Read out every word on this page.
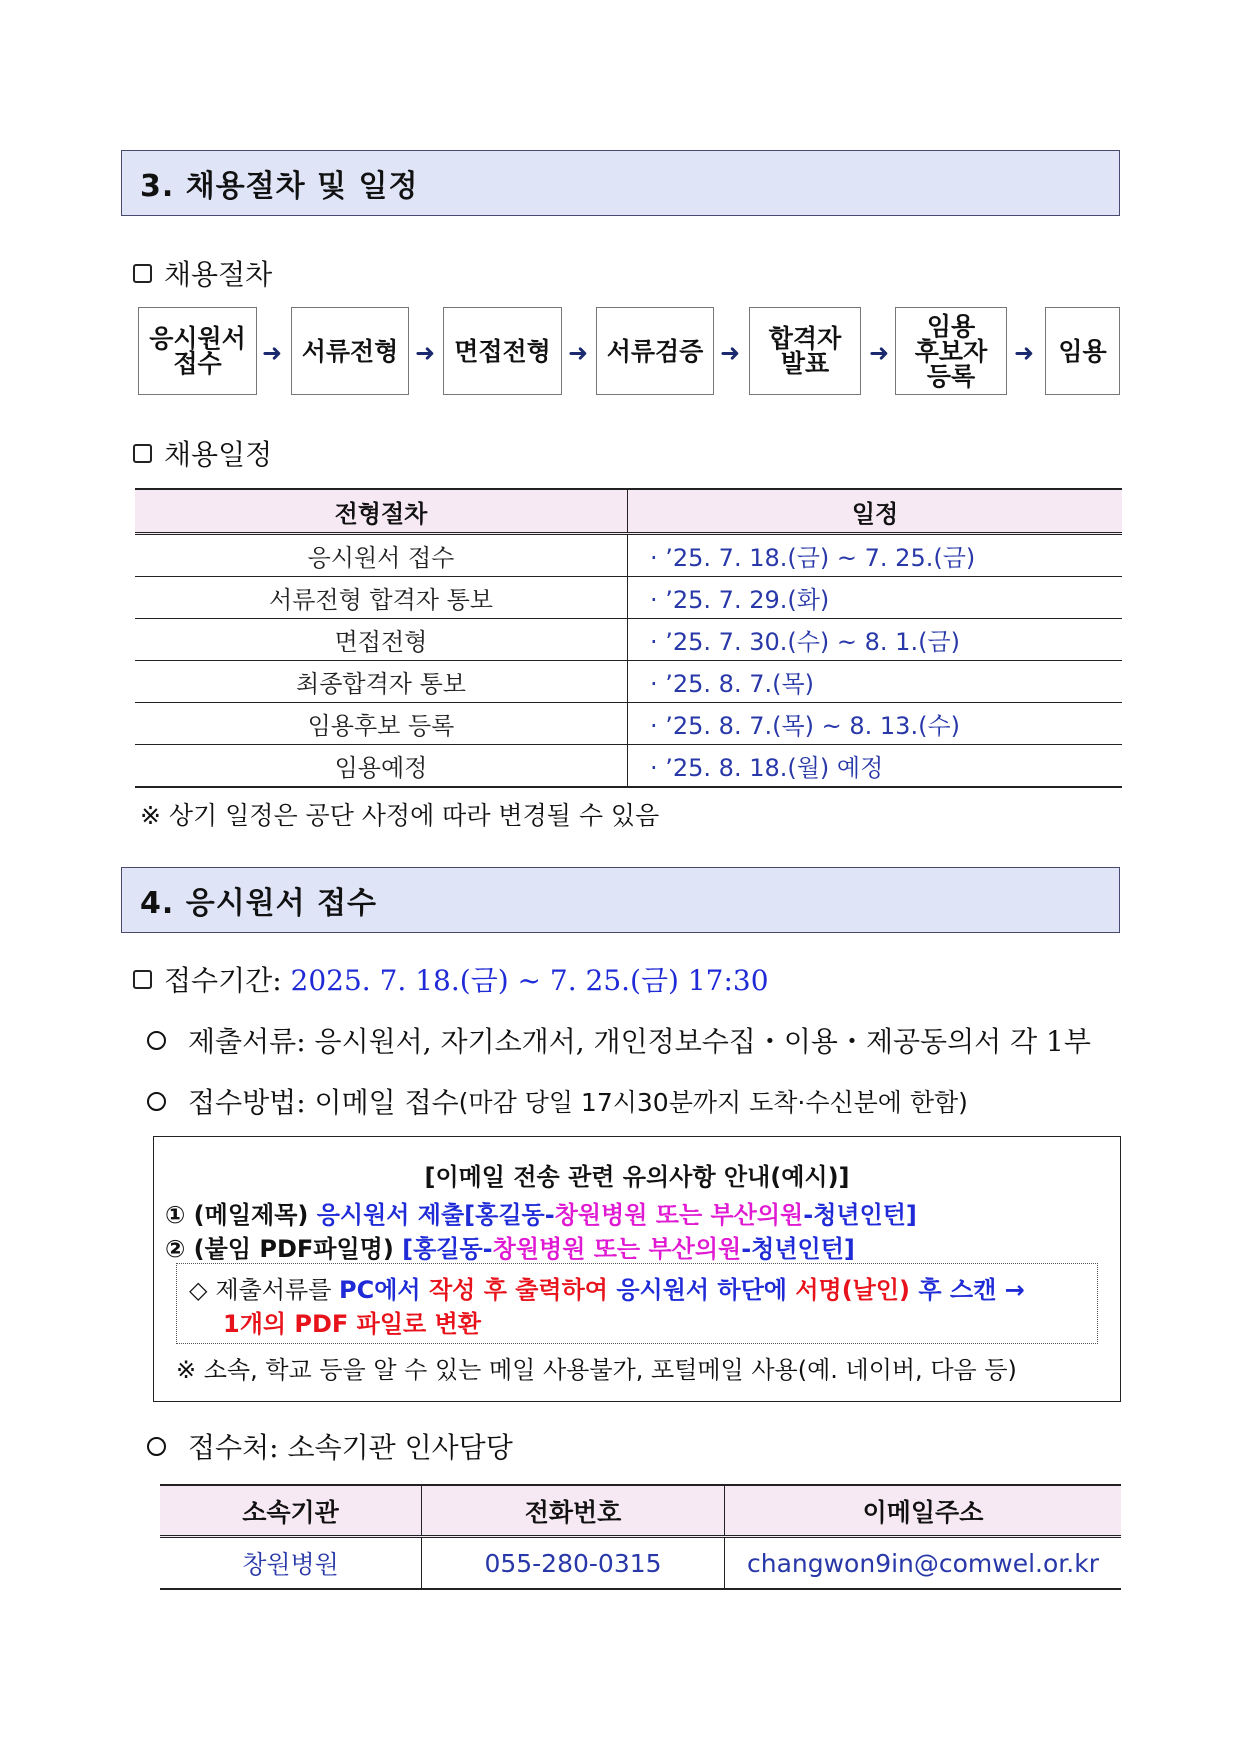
3. 채용절차 및 일정
채용절차
응시원서
접수	➜ 서류전형 ➜ 면접전형 ➜ 서류검증 ➜	합격자
발표	➜
임용
후보자
등록
➜ 임용
채용일정
전형절차	일정
응시원서 접수	· ’25. 7. 18.(금) ~ 7. 25.(금)
서류전형 합격자 통보	· ’25. 7. 29.(화)
면접전형	· ’25. 7. 30.(수) ~ 8. 1.(금)
최종합격자 통보	· ’25. 8. 7.(목)
임용후보 등록	· ’25. 8. 7.(목) ~ 8. 13.(수)
임용예정	· ’25. 8. 18.(월) 예정
※ 상기 일정은 공단 사정에 따라 변경될 수 있음
4. 응시원서 접수
접수기간: 2025. 7. 18.(금) ~ 7. 25.(금) 17:30
제출서류: 응시원서, 자기소개서, 개인정보수집・이용・제공동의서 각 1부
접수방법: 이메일 접수 (마감 당일 17시30분까지 도착·수신분에 한함)
[이메일 전송 관련 유의사항 안내(예시)]
① (메일제목) 응시원서 제출[홍길동-창원병원 또는 부산의원-청년인턴]
② (붙임 PDF파일명) [홍길동-창원병원 또는 부산의원-청년인턴]
◇ 제출서류를 PC에서 작성 후 출력하여 응시원서 하단에 서명(날인) 후 스캔 →
1개의 PDF 파일로 변환
※ 소속, 학교 등을 알 수 있는 메일 사용불가, 포털메일 사용(예. 네이버, 다음 등)
접수처: 소속기관 인사담당
소속기관	전화번호	이메일주소
창원병원	055-280-0315	changwon9in@comwel.or.kr
